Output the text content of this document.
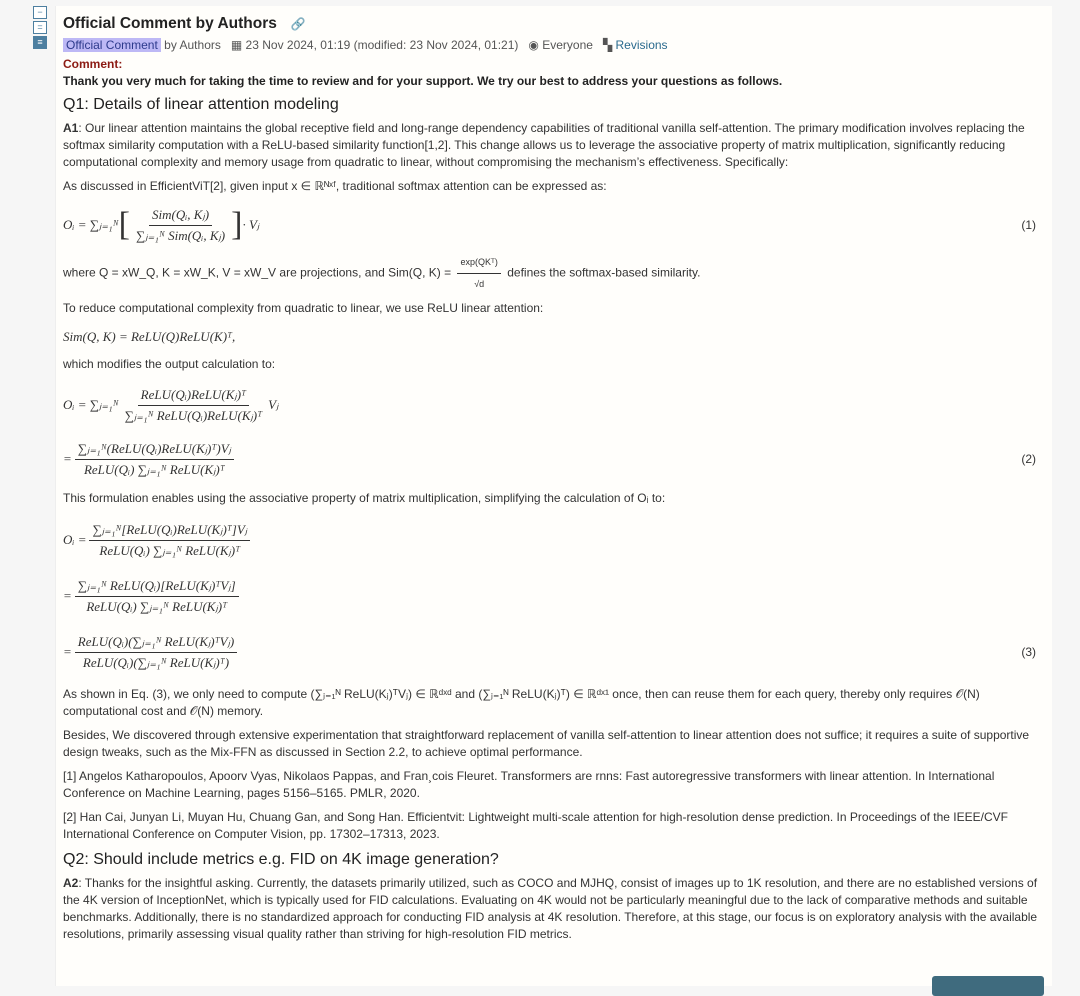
−
=
≡
Official Comment by Authors 🔗
Official Comment by Authors ▦ 23 Nov 2024, 01:19 (modified: 23 Nov 2024, 01:21) ◉ Everyone ▚ Revisions
Comment:
Thank you very much for taking the time to review and for your support. We try our best to address your questions as follows.
Q1: Details of linear attention modeling

A1: Our linear attention maintains the global receptive field and long-range dependency capabilities of traditional vanilla self-attention. The primary modification involves replacing the softmax similarity computation with a ReLU-based similarity function[1,2]. This change allows us to leverage the associative property of matrix multiplication, significantly reducing computational complexity and memory usage from quadratic to linear, without compromising the mechanism’s effectiveness. Specifically:

As discussed in EfficientViT[2], given input x ∈ ℝᴺˣᶠ, traditional softmax attention can be expressed as:

Oᵢ = ∑ⱼ₌₁ᴺ [ $\frac{\text{Sim(Qᵢ, Kⱼ)}}{\text{∑ⱼ₌₁ᴺ Sim(Qᵢ, Kⱼ)}}$ ] · Vⱼ	(1)

where Q = xW_Q, K = xW_K, V = xW_V are projections, and Sim(Q, $K) = \frac{\text{exp(QKᵀ)}}{√d}$ defines the softmax-based similarity.

To reduce computational complexity from quadratic to linear, we use ReLU linear attention:

Sim(Q, K) = ReLU(Q)ReLU(K)ᵀ,

which modifies the output calculation to:

Oᵢ = ∑ⱼ₌₁ᴺ $\frac{\text{ReLU(Qᵢ)ReLU(Kⱼ)ᵀ}}{\text{∑ⱼ₌₁ᴺ ReLU(Qᵢ)ReLU(Kⱼ)ᵀ}}$ Vⱼ
= $\frac{\text{∑ⱼ₌₁ᴺ(ReLU(Qᵢ)ReLU(Kⱼ)ᵀ)Vⱼ}}{\text{ReLU(Qᵢ) ∑ⱼ₌₁ᴺ ReLU(Kⱼ)ᵀ}}$	(2)

This formulation enables using the associative property of matrix multiplication, simplifying the calculation of Oᵢ to:

Oᵢ = $\frac{\text{∑ⱼ₌₁ᴺ[ReLU(Qᵢ)ReLU(Kⱼ)ᵀ]Vⱼ}}{\text{ReLU(Qᵢ) ∑ⱼ₌₁ᴺ ReLU(Kⱼ)ᵀ}}$
= $\frac{\text{∑ⱼ₌₁ᴺ ReLU(Qᵢ)[ReLU(Kⱼ)ᵀVⱼ]}}{\text{ReLU(Qᵢ) ∑ⱼ₌₁ᴺ ReLU(Kⱼ)ᵀ}}$
= $\frac{\text{ReLU(Qᵢ)(∑ⱼ₌₁ᴺ ReLU(Kⱼ)ᵀVⱼ)}}{\text{ReLU(Qᵢ)(∑ⱼ₌₁ᴺ ReLU(Kⱼ)ᵀ)}}$	(3)

As shown in Eq. (3), we only need to compute (∑ⱼ₌₁ᴺ ReLU(Kⱼ)ᵀVⱼ) ∈ ℝᵈˣᵈ and (∑ⱼ₌₁ᴺ ReLU(Kⱼ)ᵀ) ∈ ℝᵈˣ¹ once, then can reuse them for each query, thereby only requires 𝒪(N) computational cost and 𝒪(N) memory.

Besides, We discovered through extensive experimentation that straightforward replacement of vanilla self-attention to linear attention does not suffice; it requires a suite of supportive design tweaks, such as the Mix-FFN as discussed in Section 2.2, to achieve optimal performance.

[1] Angelos Katharopoulos, Apoorv Vyas, Nikolaos Pappas, and Fran¸cois Fleuret. Transformers are rnns: Fast autoregressive transformers with linear attention. In International Conference on Machine Learning, pages 5156–5165. PMLR, 2020.

[2] Han Cai, Junyan Li, Muyan Hu, Chuang Gan, and Song Han. Efficientvit: Lightweight multi-scale attention for high-resolution dense prediction. In Proceedings of the IEEE/CVF International Conference on Computer Vision, pp. 17302–17313, 2023.

Q2: Should include metrics e.g. FID on 4K image generation?

A2: Thanks for the insightful asking. Currently, the datasets primarily utilized, such as COCO and MJHQ, consist of images up to 1K resolution, and there are no established versions of the 4K version of InceptionNet, which is typically used for FID calculations. Evaluating on 4K would not be particularly meaningful due to the lack of comparative methods and suitable benchmarks. Additionally, there is no standardized approach for conducting FID analysis at 4K resolution. Therefore, at this stage, our focus is on exploratory analysis with the available resolutions, primarily assessing visual quality rather than striving for high-resolution FID metrics.
